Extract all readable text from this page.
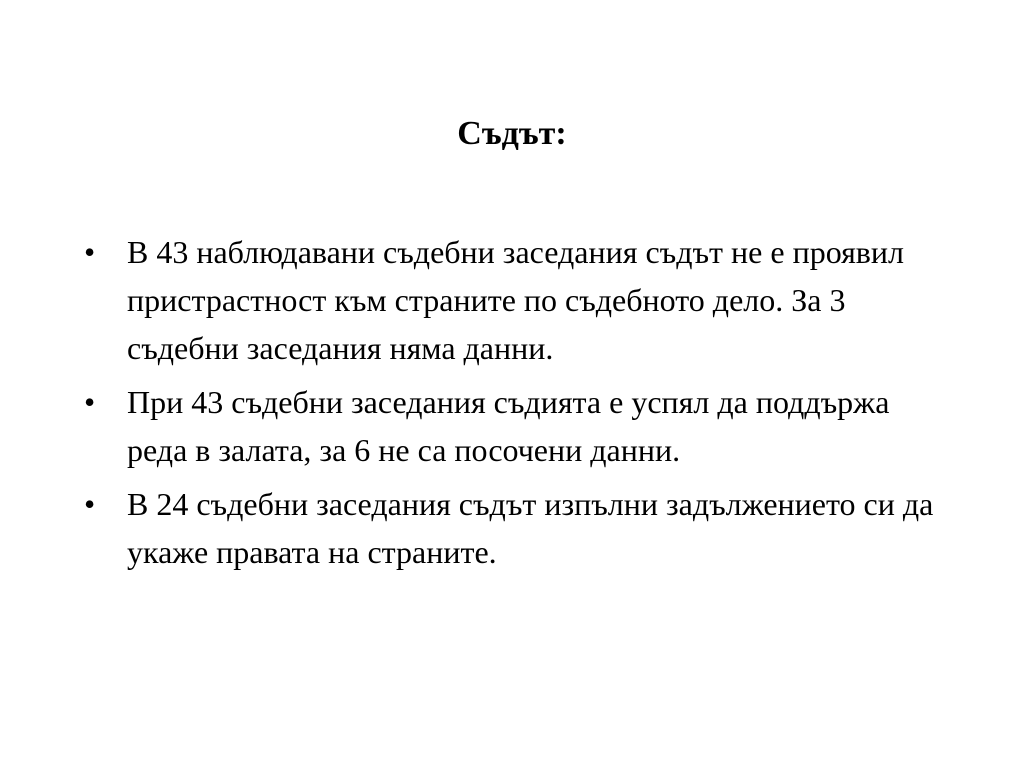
Съдът:
• В 43 наблюдавани съдебни заседания съдът не е проявил пристрастност към страните по съдебното дело. За 3 съдебни заседания няма данни.
• При 43 съдебни заседания съдията е успял да поддържа реда в залата, за 6 не са посочени данни.
• В 24 съдебни заседания съдът изпълни задължението си да укаже правата на страните.
